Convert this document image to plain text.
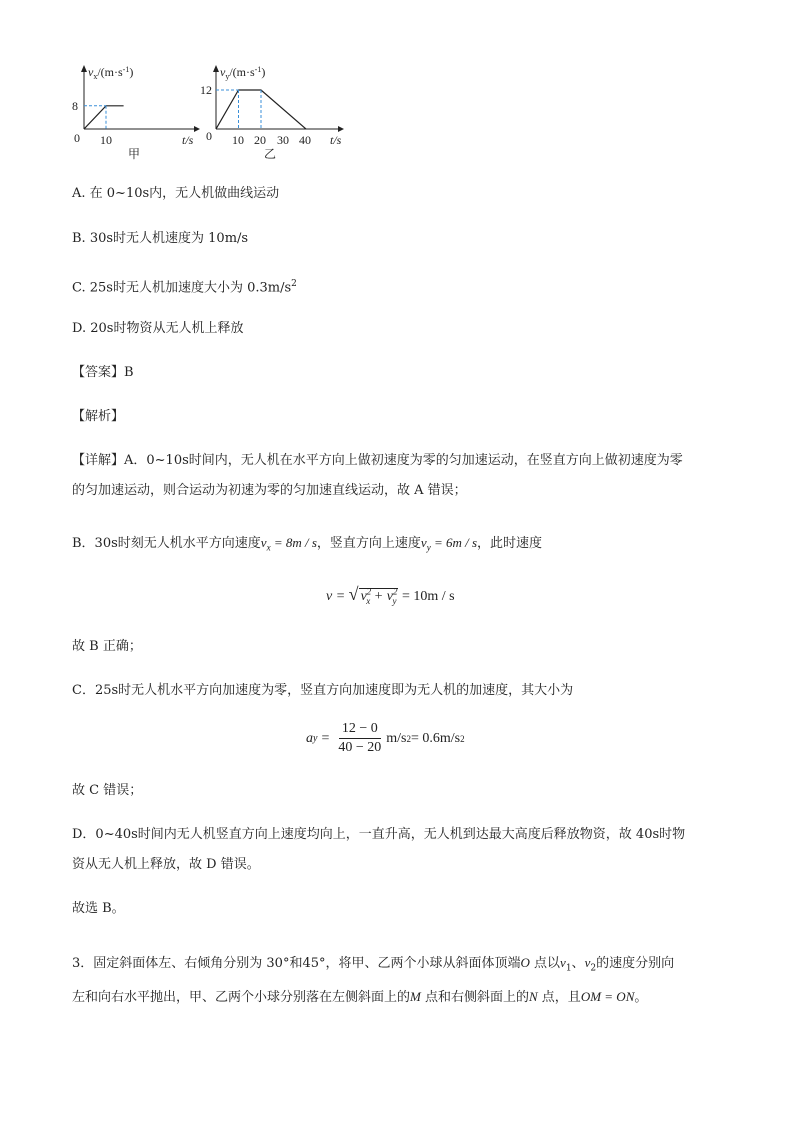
$v_x/(m\cdot s^{-1})$
8
0 10	t/s
甲
$v_y/(m\cdot s^{-1})$
12
0 10 20 30 40 t/s
乙
A. 在 0~10s内，无人机做曲线运动
B. 30s时无人机速度为 10m/s
C. 25s时无人机加速度大小为 $0.3m/s^2$
D. 20s时物资从无人机上释放
【答案】B
【解析】
【详解】A．0~10s时间内，无人机在水平方向上做初速度为零的匀加速运动，在竖直方向上做初速度为零
的匀加速运动，则合运动为初速为零的匀加速直线运动，故 A 错误；
B．30s时刻无人机水平方向速度$v_x = 8m / s$，竖直方向上速度$v_y = 6m / s$，此时速度
v = √ $v^2_x + v^2_y = 10m / s$
故 B 正确；
C．25s时无人机水平方向加速度为零，竖直方向加速度即为无人机的加速度，其大小为
a $y = \frac{12 - 0}{40 - 20} m/s$ 2 = 0.6m/s 2
故 C 错误；
D．0~40s时间内无人机竖直方向上速度均向上，一直升高，无人机到达最大高度后释放物资，故 40s时物
资从无人机上释放，故 D 错误。
故选 B。
3．固定斜面体左、右倾角分别为 30°和45°，将甲、乙两个小球从斜面体顶端O 点以$v_1$、$v_2$的速度分别向
左和向右水平抛出，甲、乙两个小球分别落在左侧斜面上的M 点和右侧斜面上的N 点，且OM = ON。
